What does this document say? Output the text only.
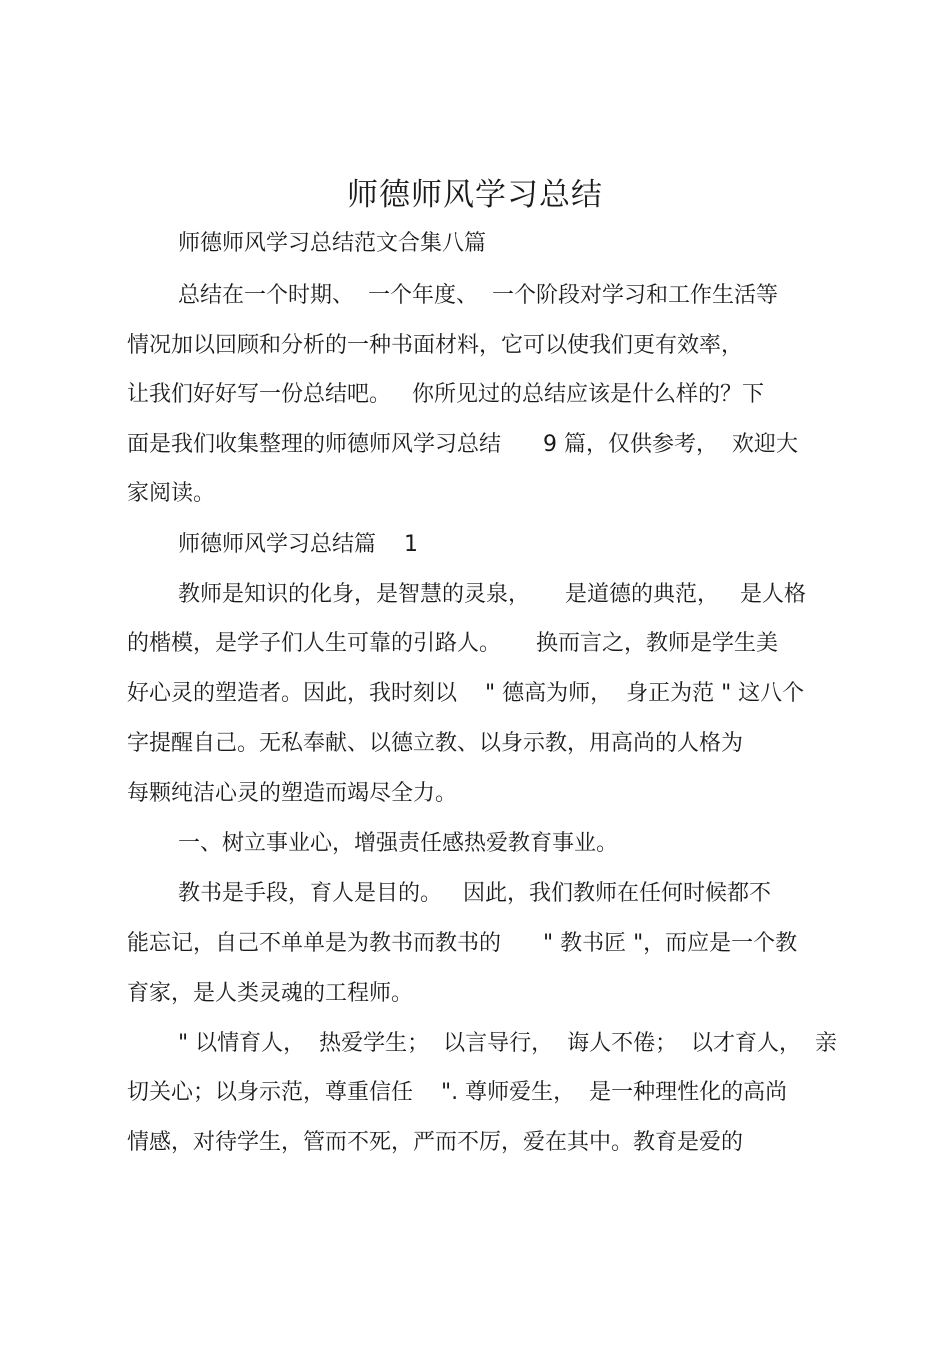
师德师风学习总结
师德师风学习总结范文合集八篇
总结在一个时期、  一个年度、  一个阶段对学习和工作生活等
情况加以回顾和分析的一种书面材料，它可以使我们更有效率，
让我们好好写一份总结吧。   你所见过的总结应该是什么样的？下
面是我们收集整理的师德师风学习总结      9 篇，仅供参考，  欢迎大
家阅读。
师德师风学习总结篇    1
教师是知识的化身，是智慧的灵泉，     是道德的典范，   是人格
的楷模，是学子们人生可靠的引路人。     换而言之，教师是学生美
好心灵的塑造者。因此，我时刻以    " 德高为师，  身正为范 " 这八个
字提醒自己。无私奉献、以德立教、以身示教，用高尚的人格为
每颗纯洁心灵的塑造而竭尽全力。
一、树立事业心，增强责任感热爱教育事业。
教书是手段，育人是目的。   因此，我们教师在任何时候都不
能忘记，自己不单单是为教书而教书的      " 教书匠 "，而应是一个教
育家，是人类灵魂的工程师。
" 以情育人，  热爱学生；  以言导行，  诲人不倦；  以才育人，  亲
切关心；以身示范，尊重信任    ". 尊师爱生，  是一种理性化的高尚
情感，对待学生，管而不死，严而不厉，爱在其中。教育是爱的
